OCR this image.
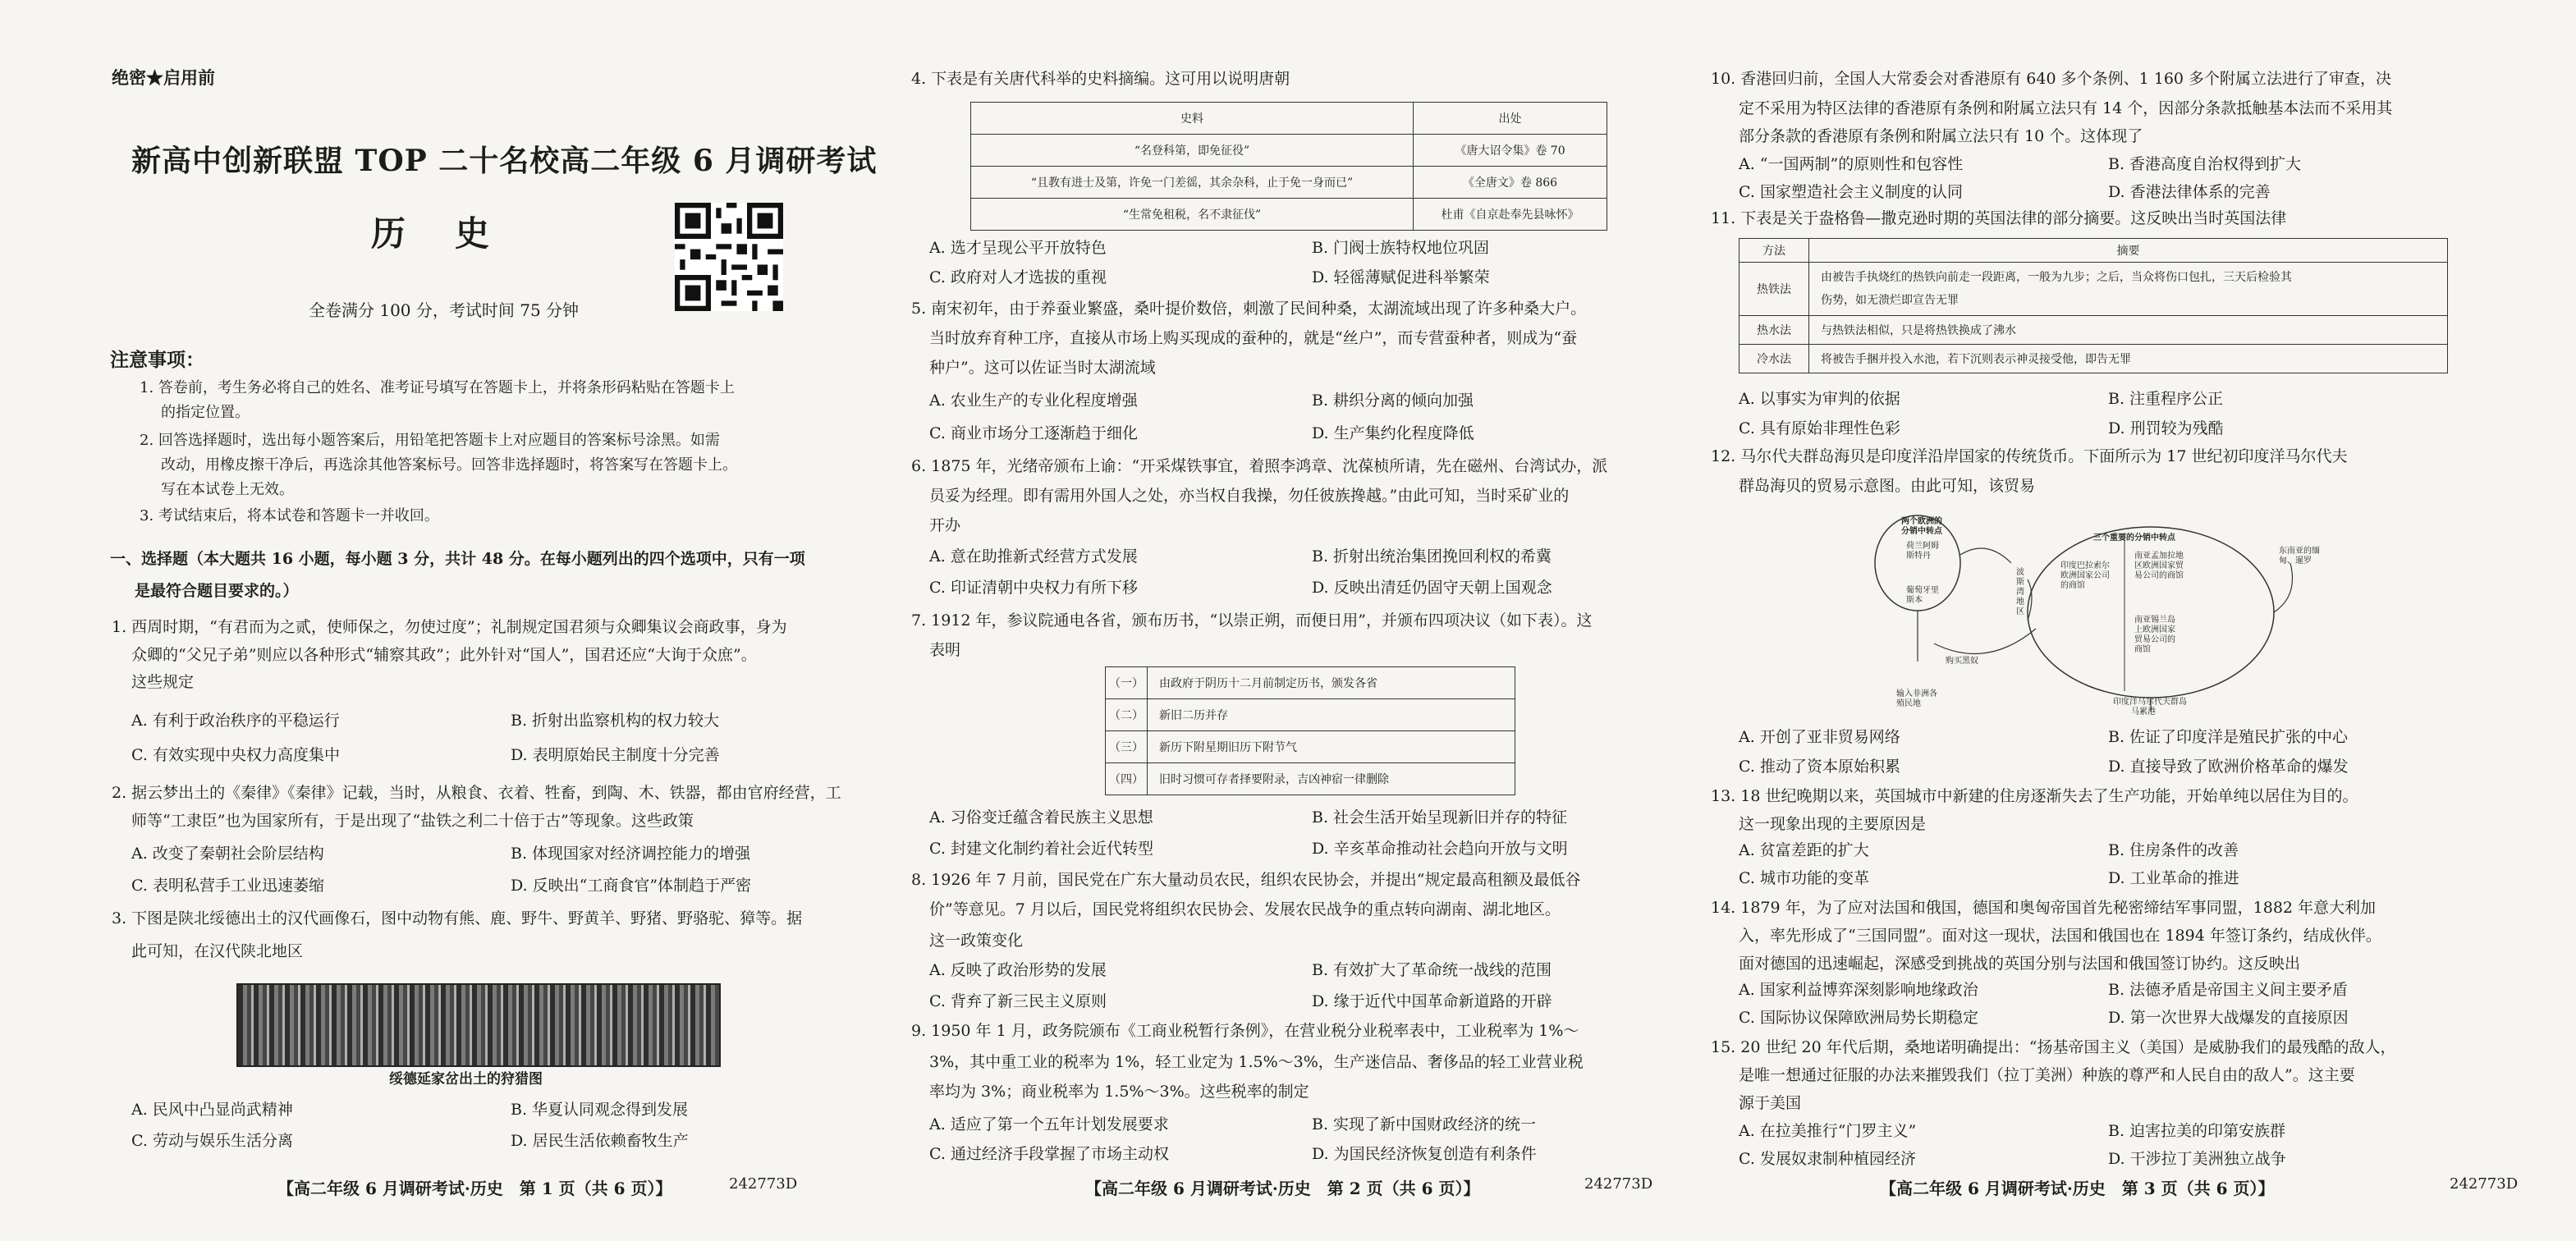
绝密★启用前
新高中创新联盟 TOP 二十名校高二年级 6 月调研考试
历史
全卷满分 100 分，考试时间 75 分钟
注意事项：
1. 答卷前，考生务必将自己的姓名、准考证号填写在答题卡上，并将条形码粘贴在答题卡上
的指定位置。
2. 回答选择题时，选出每小题答案后，用铅笔把答题卡上对应题目的答案标号涂黑。如需
改动，用橡皮擦干净后，再选涂其他答案标号。回答非选择题时，将答案写在答题卡上。
写在本试卷上无效。
3. 考试结束后，将本试卷和答题卡一并收回。
一、选择题（本大题共 16 小题，每小题 3 分，共计 48 分。在每小题列出的四个选项中，只有一项
是最符合题目要求的。）
1. 西周时期，“有君而为之贰，使师保之，勿使过度”；礼制规定国君须与众卿集议会商政事，身为
众卿的“父兄子弟”则应以各种形式“辅察其政”；此外针对“国人”，国君还应“大询于众庶”。
这些规定
A. 有利于政治秩序的平稳运行	B. 折射出监察机构的权力较大
C. 有效实现中央权力高度集中	D. 表明原始民主制度十分完善
2. 据云梦出土的《秦律》《秦律》记载，当时，从粮食、衣着、牲畜，到陶、木、铁器，都由官府经营，工
师等“工隶臣”也为国家所有，于是出现了“盐铁之利二十倍于古”等现象。这些政策
A. 改变了秦朝社会阶层结构	B. 体现国家对经济调控能力的增强
C. 表明私营手工业迅速萎缩	D. 反映出“工商食官”体制趋于严密
3. 下图是陕北绥德出土的汉代画像石，图中动物有熊、鹿、野牛、野黄羊、野猪、野骆驼、獐等。据
此可知，在汉代陕北地区
绥德延家岔出土的狩猎图
A. 民风中凸显尚武精神	B. 华夏认同观念得到发展
C. 劳动与娱乐生活分离	D. 居民生活依赖畜牧生产
【高二年级 6 月调研考试·历史　第 1 页（共 6 页）】	242773D
4. 下表是有关唐代科举的史料摘编。这可用以说明唐朝
史料	出处
“名登科第，即免征役”	《唐大诏令集》卷 70
“且教有进士及第，许免一门差徭，其余杂科，止于免一身而已”	《全唐文》卷 866
“生常免租税，名不隶征伐”	杜甫《自京赴奉先县咏怀》
A. 选才呈现公平开放特色	B. 门阀士族特权地位巩固
C. 政府对人才选拔的重视	D. 轻徭薄赋促进科举繁荣
5. 南宋初年，由于养蚕业繁盛，桑叶提价数倍，刺激了民间种桑，太湖流域出现了许多种桑大户。
当时放弃育种工序，直接从市场上购买现成的蚕种的，就是“丝户”，而专营蚕种者，则成为“蚕
种户”。这可以佐证当时太湖流域
A. 农业生产的专业化程度增强	B. 耕织分离的倾向加强
C. 商业市场分工逐渐趋于细化	D. 生产集约化程度降低
6. 1875 年，光绪帝颁布上谕：“开采煤铁事宜，着照李鸿章、沈葆桢所请，先在磁州、台湾试办，派
员妥为经理。即有需用外国人之处，亦当权自我操，勿任彼族搀越。”由此可知，当时采矿业的
开办
A. 意在助推新式经营方式发展	B. 折射出统治集团挽回利权的希冀
C. 印证清朝中央权力有所下移	D. 反映出清廷仍固守天朝上国观念
7. 1912 年，参议院通电各省，颁布历书，“以崇正朔，而便日用”，并颁布四项决议（如下表）。这
表明
（一）	由政府于阴历十二月前制定历书，颁发各省
（二）	新旧二历并存
（三）	新历下附星期旧历下附节气
（四）	旧时习惯可存者择要附录，吉凶神宿一律删除
A. 习俗变迁蕴含着民族主义思想	B. 社会生活开始呈现新旧并存的特征
C. 封建文化制约着社会近代转型	D. 辛亥革命推动社会趋向开放与文明
8. 1926 年 7 月前，国民党在广东大量动员农民，组织农民协会，并提出“规定最高租额及最低谷
价”等意见。7 月以后，国民党将组织农民协会、发展农民战争的重点转向湖南、湖北地区。
这一政策变化
A. 反映了政治形势的发展	B. 有效扩大了革命统一战线的范围
C. 背弃了新三民主义原则	D. 缘于近代中国革命新道路的开辟
9. 1950 年 1 月，政务院颁布《工商业税暂行条例》，在营业税分业税率表中，工业税率为 1%～
3%，其中重工业的税率为 1%，轻工业定为 1.5%～3%，生产迷信品、奢侈品的轻工业营业税
率均为 3%；商业税率为 1.5%～3%。这些税率的制定
A. 适应了第一个五年计划发展要求	B. 实现了新中国财政经济的统一
C. 通过经济手段掌握了市场主动权	D. 为国民经济恢复创造有利条件
【高二年级 6 月调研考试·历史　第 2 页（共 6 页）】	242773D
10. 香港回归前，全国人大常委会对香港原有 640 多个条例、1 160 多个附属立法进行了审查，决
定不采用为特区法律的香港原有条例和附属立法只有 14 个，因部分条款抵触基本法而不采用其
部分条款的香港原有条例和附属立法只有 10 个。这体现了
A. “一国两制”的原则性和包容性	B. 香港高度自治权得到扩大
C. 国家塑造社会主义制度的认同	D. 香港法律体系的完善
11. 下表是关于盎格鲁—撒克逊时期的英国法律的部分摘要。这反映出当时英国法律
方法	摘要
热铁法	由被告手执烧红的热铁向前走一段距离，一般为九步；之后，当众将伤口包扎，三天后检验其
伤势，如无溃烂即宣告无罪

热水法	与热铁法相似，只是将热铁换成了沸水
冷水法	将被告手捆并投入水池，若下沉则表示神灵接受他，即告无罪
A. 以事实为审判的依据	B. 注重程序公正
C. 具有原始非理性色彩	D. 刑罚较为残酷
12. 马尔代夫群岛海贝是印度洋沿岸国家的传统货币。下面所示为 17 世纪初印度洋马尔代夫
群岛海贝的贸易示意图。由此可知，该贸易
两个欧洲的
分销中转点
荷兰阿姆
斯特丹
葡萄牙里
斯本
波
斯
湾
地
区
三个重要的分销中转点
印度巴拉索尔
欧洲国家公司
的商馆
南亚孟加拉地
区欧洲国家贸
易公司的商馆
南亚锡兰岛
上欧洲国家
贸易公司的
商馆
东南亚的缅
甸、暹罗
购买黑奴
输入非洲各
殖民地	印度洋马尔代夫群岛
马累港
A. 开创了亚非贸易网络	B. 佐证了印度洋是殖民扩张的中心
C. 推动了资本原始积累	D. 直接导致了欧洲价格革命的爆发
13. 18 世纪晚期以来，英国城市中新建的住房逐渐失去了生产功能，开始单纯以居住为目的。
这一现象出现的主要原因是
A. 贫富差距的扩大	B. 住房条件的改善
C. 城市功能的变革	D. 工业革命的推进
14. 1879 年，为了应对法国和俄国，德国和奥匈帝国首先秘密缔结军事同盟，1882 年意大利加
入，率先形成了“三国同盟”。面对这一现状，法国和俄国也在 1894 年签订条约，结成伙伴。
面对德国的迅速崛起，深感受到挑战的英国分别与法国和俄国签订协约。这反映出
A. 国家利益博弈深刻影响地缘政治	B. 法德矛盾是帝国主义间主要矛盾
C. 国际协议保障欧洲局势长期稳定	D. 第一次世界大战爆发的直接原因
15. 20 世纪 20 年代后期，桑地诺明确提出：“扬基帝国主义（美国）是威胁我们的最残酷的敌人，
是唯一想通过征服的办法来摧毁我们（拉丁美洲）种族的尊严和人民自由的敌人”。这主要
源于美国
A. 在拉美推行“门罗主义”	B. 迫害拉美的印第安族群
C. 发展奴隶制种植园经济	D. 干涉拉丁美洲独立战争
【高二年级 6 月调研考试·历史　第 3 页（共 6 页）】	242773D
